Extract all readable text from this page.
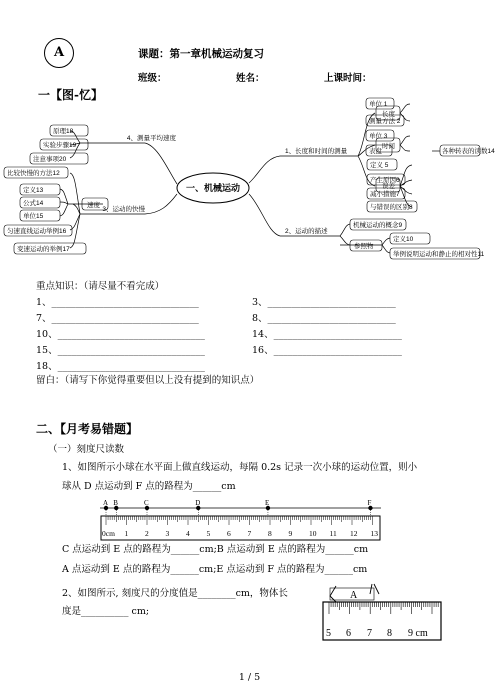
A	课题：第一章机械运动复习
班级：	姓名：	上课时间：
一【图-忆】
一、机械运动
1、长度和时间的测量
2、运动的描述
3、运动的快慢
4、测量平均速度
长度
时间
误差
单位 1
测量方法 2
单位 3
表盘	各种转表的读数14
定义 5
产生原因6
减小措施7
与错误的区别8
机械运动的概念9
参照物
定义10
举例说明运动和静止的相对性11
原理18
实验步骤19
注意事项20
比较快慢的方法12
速度
定义13
公式14
单位15
匀速直线运动举例16
变速运动的举例17
重点知识：（请尽量不看完成）
1、_______________________________	3、___________________________
7、_______________________________	8、___________________________
10、_______________________________	14、___________________________
15、_______________________________	16、___________________________
18、_______________________________
留白：（请写下你觉得重要但以上没有提到的知识点）
二、【月考易错题】
（一）刻度尺读数
1、如图所示小球在水平面上做直线运动，每隔 0.2s 记录一次小球的运动位置，则小
球从 D 点运动到 F 点的路程为______cm
0cm 1 2 3 4 5 6 7 8 9 10 11 12 13
A B	C	D	E	F
C 点运动到 E 点的路程为______cm;B 点运动到 E 点的路程为______cm
A 点运动到 E 点的路程为______cm;E 点运动到 F 点的路程为______cm
2、如图所示, 刻度尺的分度值是________cm，物体长
度是__________ cm;
A
5 6 7 8 9 cm
1 / 5
